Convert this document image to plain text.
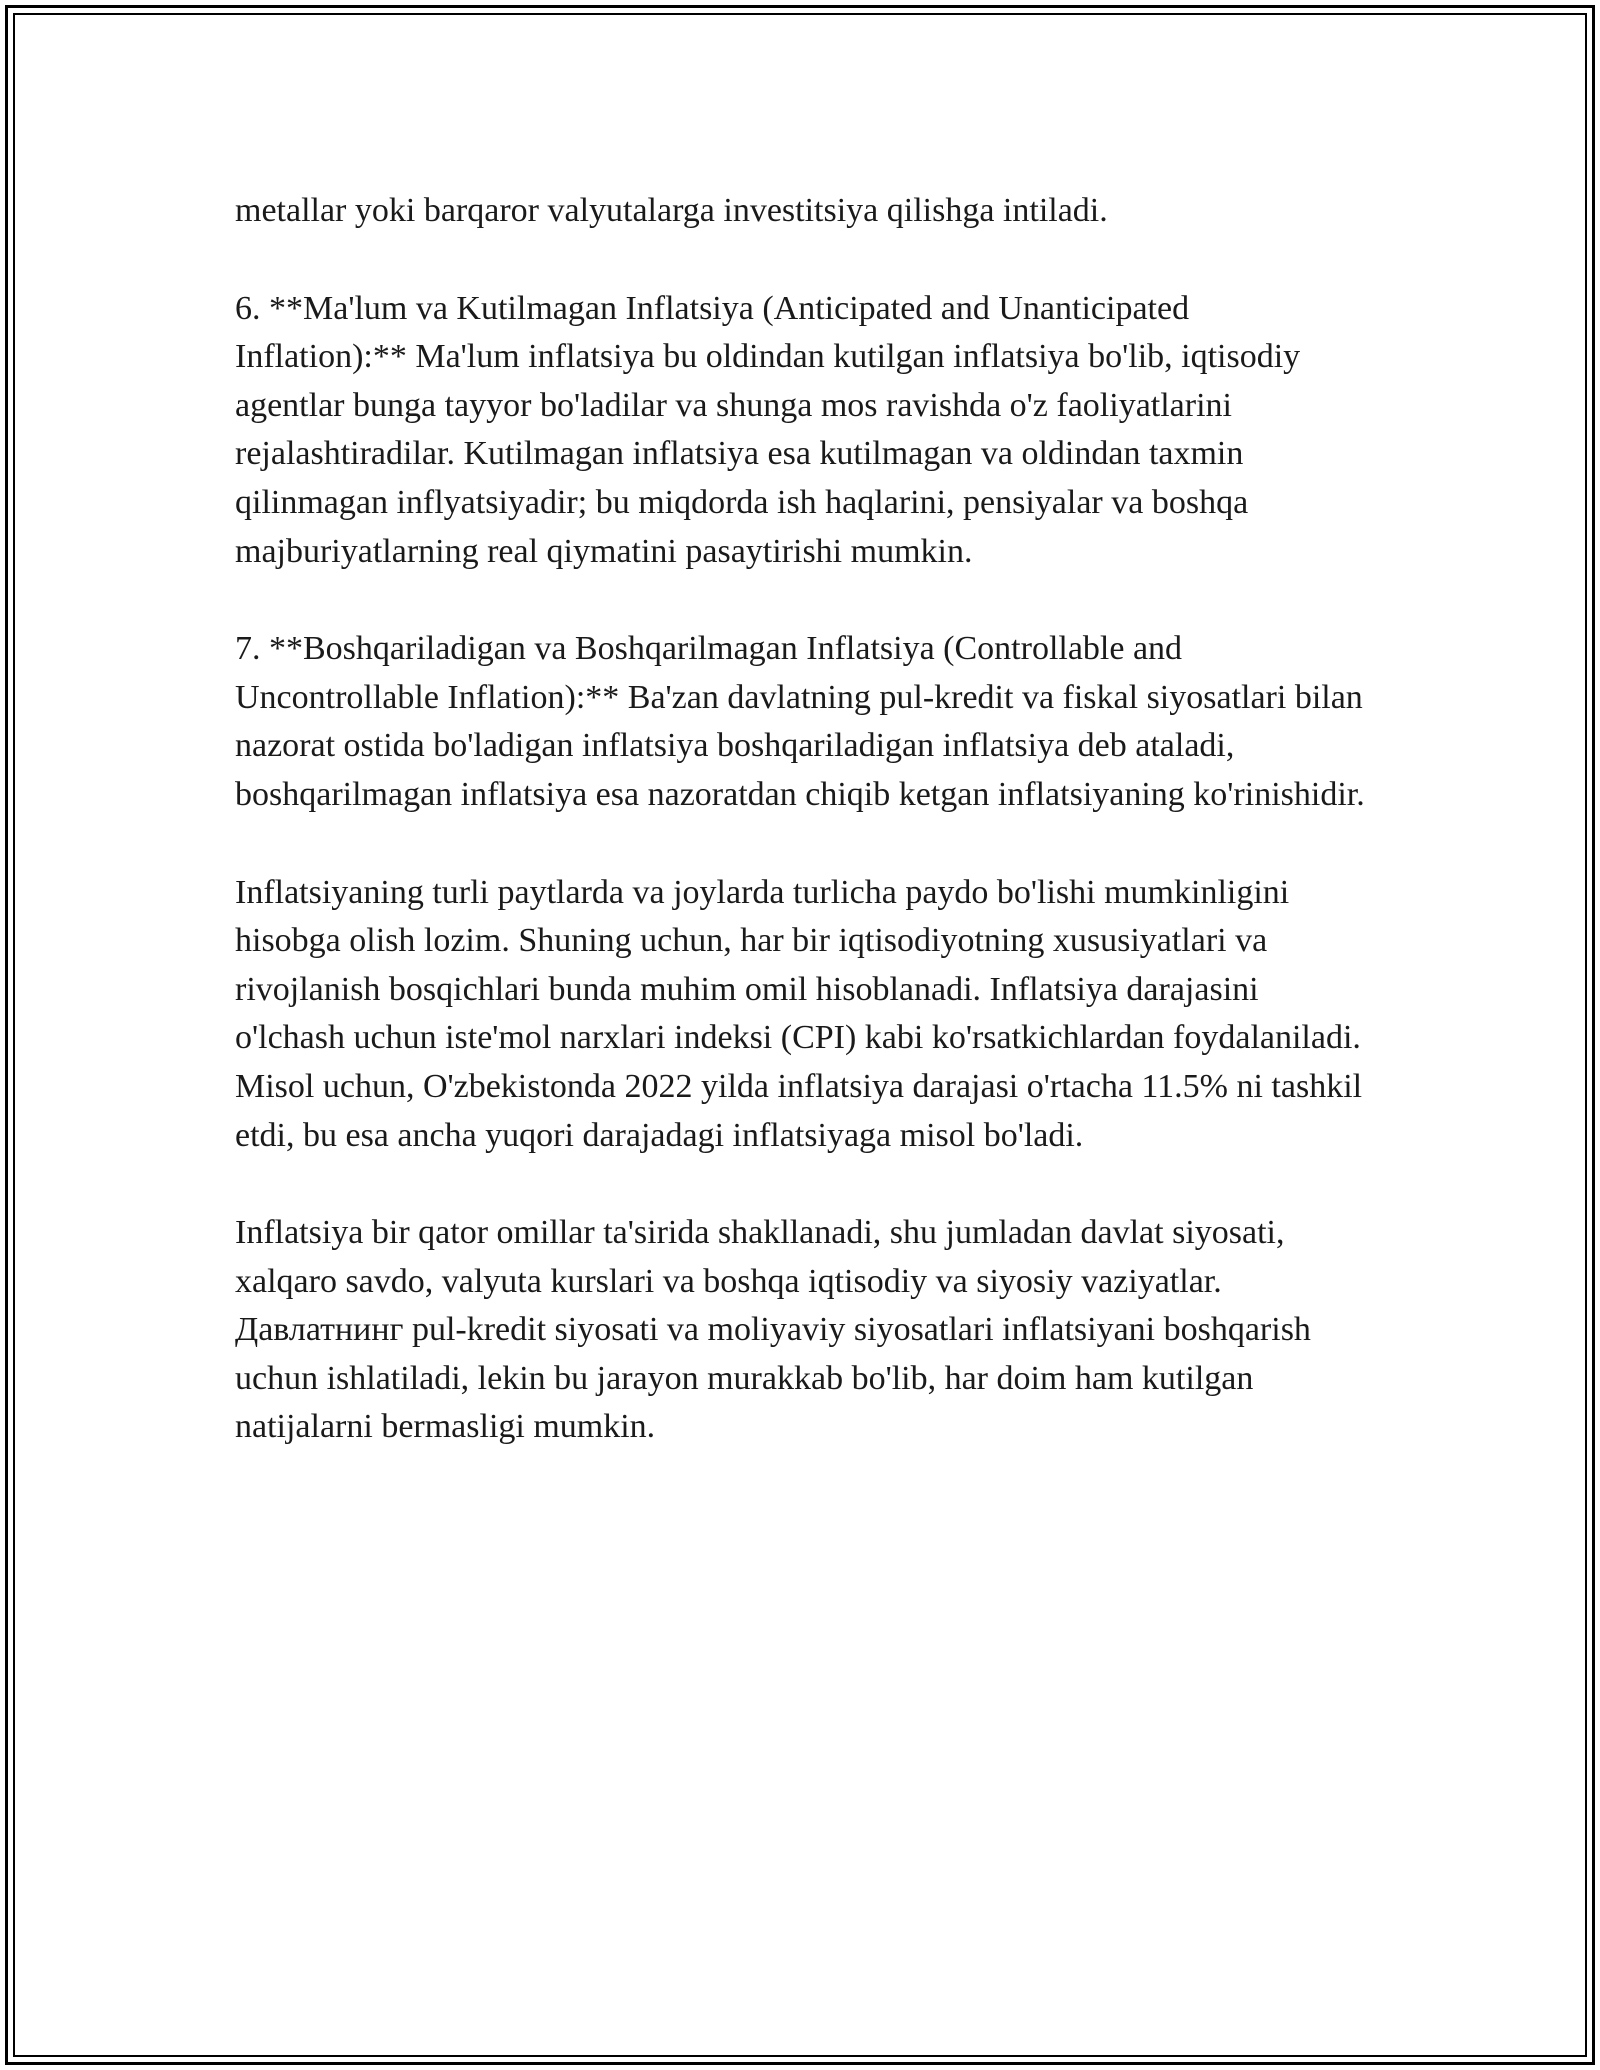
metallar yoki barqaror valyutalarga investitsiya qilishga intiladi.

6. **Ma'lum va Kutilmagan Inflatsiya (Anticipated and Unanticipated Inflation):** Ma'lum inflatsiya bu oldindan kutilgan inflatsiya bo'lib, iqtisodiy agentlar bunga tayyor bo'ladilar va shunga mos ravishda o'z faoliyatlarini rejalashtiradilar. Kutilmagan inflatsiya esa kutilmagan va oldindan taxmin qilinmagan inflyatsiyadir; bu miqdorda ish haqlarini, pensiyalar va boshqa majburiyatlarning real qiymatini pasaytirishi mumkin.

7. **Boshqariladigan va Boshqarilmagan Inflatsiya (Controllable and Uncontrollable Inflation):** Ba'zan davlatning pul-kredit va fiskal siyosatlari bilan nazorat ostida bo'ladigan inflatsiya boshqariladigan inflatsiya deb ataladi, boshqarilmagan inflatsiya esa nazoratdan chiqib ketgan inflatsiyaning ko'rinishidir.

Inflatsiyaning turli paytlarda va joylarda turlicha paydo bo'lishi mumkinligini hisobga olish lozim. Shuning uchun, har bir iqtisodiyotning xususiyatlari va rivojlanish bosqichlari bunda muhim omil hisoblanadi. Inflatsiya darajasini o'lchash uchun iste'mol narxlari indeksi (CPI) kabi ko'rsatkichlardan foydalaniladi. Misol uchun, O'zbekistonda 2022 yilda inflatsiya darajasi o'rtacha 11.5% ni tashkil etdi, bu esa ancha yuqori darajadagi inflatsiyaga misol bo'ladi.

Inflatsiya bir qator omillar ta'sirida shakllanadi, shu jumladan davlat siyosati, xalqaro savdo, valyuta kurslari va boshqa iqtisodiy va siyosiy vaziyatlar. Давлатнинг pul-kredit siyosati va moliyaviy siyosatlari inflatsiyani boshqarish uchun ishlatiladi, lekin bu jarayon murakkab bo'lib, har doim ham kutilgan natijalarni bermasligi mumkin.
